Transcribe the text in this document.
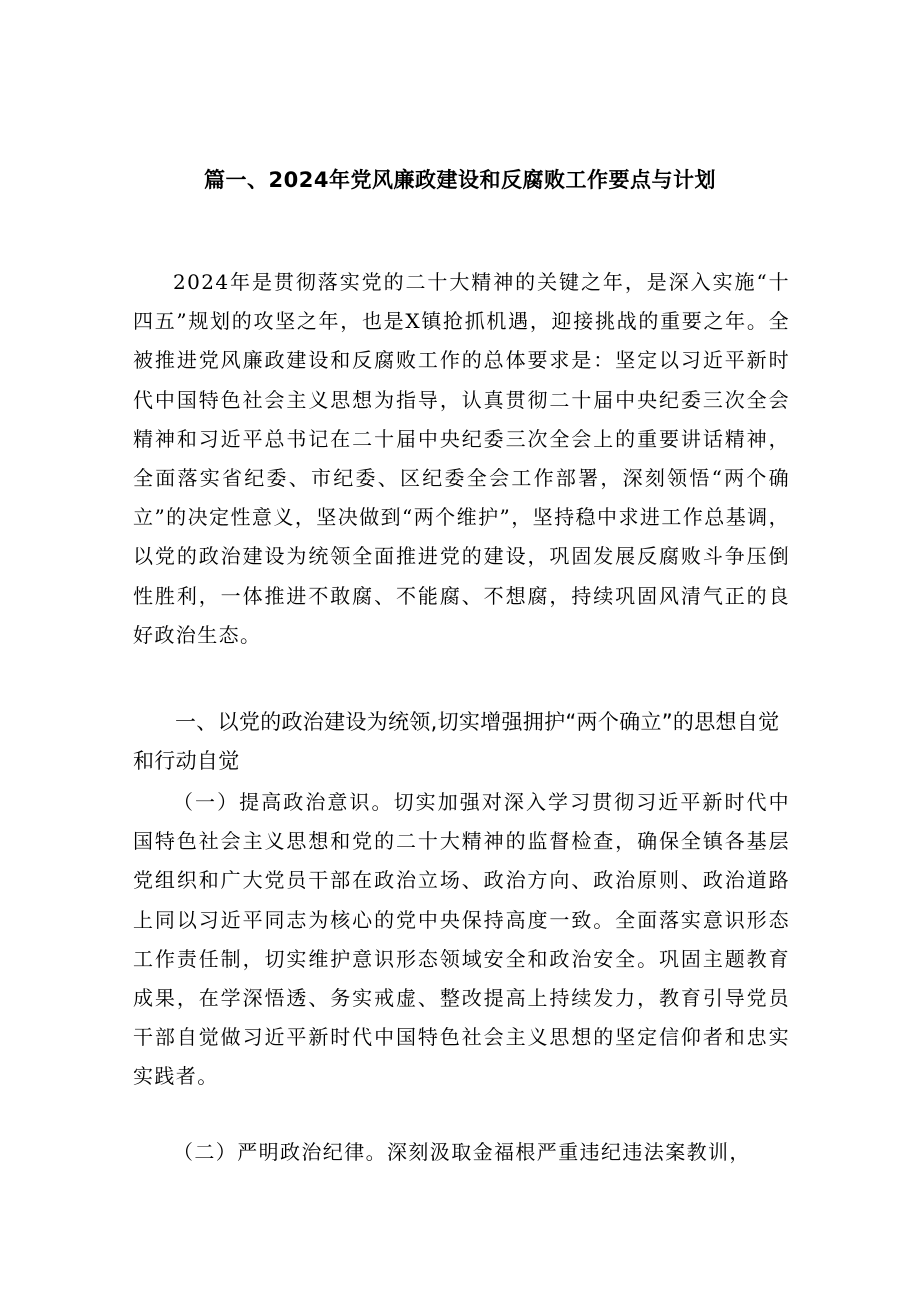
篇一、2024年党风廉政建设和反腐败工作要点与计划

2024年是贯彻落实党的二十大精神的关键之年，是深入实施“十四五”规划的攻坚之年，也是X镇抢抓机遇，迎接挑战的重要之年。全被推进党风廉政建设和反腐败工作的总体要求是：坚定以习近平新时代中国特色社会主义思想为指导，认真贯彻二十届中央纪委三次全会精神和习近平总书记在二十届中央纪委三次全会上的重要讲话精神，全面落实省纪委、市纪委、区纪委全会工作部署，深刻领悟“两个确立”的决定性意义，坚决做到“两个维护”，坚持稳中求进工作总基调，以党的政治建设为统领全面推进党的建设，巩固发展反腐败斗争压倒性胜利，一体推进不敢腐、不能腐、不想腐，持续巩固风清气正的良好政治生态。

一、以党的政治建设为统领,切实增强拥护“两个确立”的思想自觉和行动自觉

（一）提高政治意识。切实加强对深入学习贯彻习近平新时代中国特色社会主义思想和党的二十大精神的监督检查，确保全镇各基层党组织和广大党员干部在政治立场、政治方向、政治原则、政治道路上同以习近平同志为核心的党中央保持高度一致。全面落实意识形态工作责任制，切实维护意识形态领域安全和政治安全。巩固主题教育成果，在学深悟透、务实戒虚、整改提高上持续发力，教育引导党员干部自觉做习近平新时代中国特色社会主义思想的坚定信仰者和忠实实践者。

（二）严明政治纪律。深刻汲取金福根严重违纪违法案教训，
